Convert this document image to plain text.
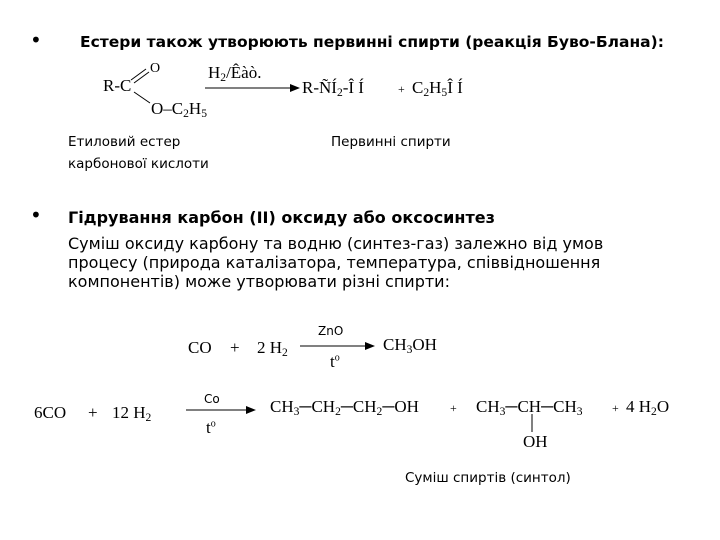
• Естери також утворюють первинні спирти (реакція Буво-Блана):
R-C
O
$O-C_2H_5$
$H_2$/Êàò.
$R-ÑÍ_2-Î$ Í	+ $C_2H_5Î$ Í
Етиловий естер
карбонової кислоти
Первинні спирти
• Гідрування карбон (ІІ) оксиду або оксосинтез
Суміш оксиду карбону та водню (синтез-газ) залежно від умов
процесу (природа каталізатора, температура, співвідношення
компонентів) може утворювати різні спирти:
CO + 2 $H_2$
ZnO
$t^o$
$CH_3OH$
6CO + 12 $H_2$
Co
$t^o$
$CH_3─CH_2─CH_2─OH$	+ $CH_3─CH─CH_3$
OH
+ 4 $H_2O$
Суміш спиртів (синтол)
